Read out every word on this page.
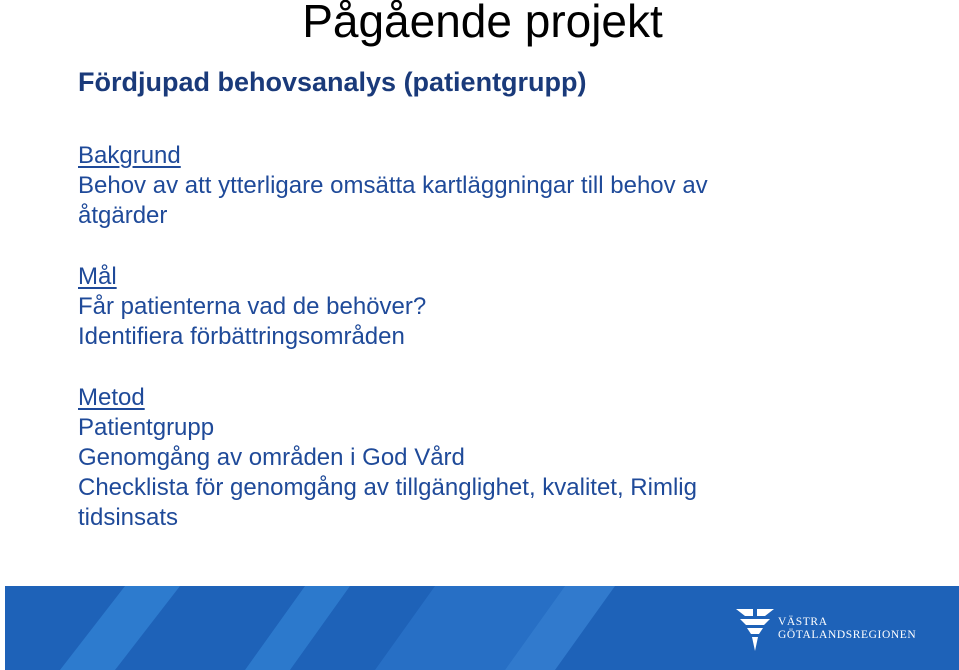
Pågående projekt
Fördjupad behovsanalys (patientgrupp)
Bakgrund
Behov av att ytterligare omsätta kartläggningar till behov av
åtgärder
Mål
Får patienterna vad de behöver?
Identifiera förbättringsområden
Metod
Patientgrupp
Genomgång av områden i God Vård
Checklista för genomgång av tillgänglighet, kvalitet, Rimlig
tidsinsats
VÄSTRA
GÖTALANDSREGIONEN
